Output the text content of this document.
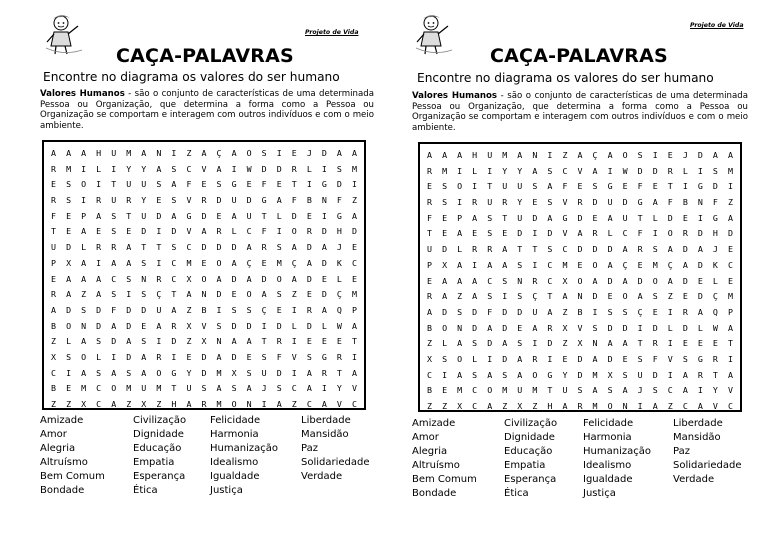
Projeto de Vida
CAÇA-PALAVRAS
Encontre no diagrama os valores do ser humano
Valores Humanos - são o conjunto de características de uma determinada Pessoa ou Organização, que determina a forma como a Pessoa ou Organização se comportam e interagem com outros indivíduos e com o meio ambiente.
A	A	A	H	U	M	A	N	I	Z	A	Ç	A	O	S	I	E	J	D	A	A
R	M	I	L	I	Y	Y	A	S	C	V	A	I	W	D	D	R	L	I	S	M
E	S	O	I	T	U	U	S	A	F	E	S	G	E	F	E	T	I	G	D	I
R	S	I	R	U	R	Y	E	S	V	R	D	U	D	G	A	F	B	N	F	Z
F	E	P	A	S	T	U	D	A	G	D	E	A	U	T	L	D	E	I	G	A
T	E	A	E	S	E	D	I	D	V	A	R	L	C	F	I	O	R	D	H	D
U	D	L	R	R	A	T	T	S	C	D	D	D	A	R	S	A	D	A	J	E
P	X	A	I	A	A	S	I	C	M	E	O	A	Ç	E	M	Ç	A	D	K	C
E	A	A	A	C	S	N	R	C	X	O	A	D	A	D	O	A	D	E	L	E
R	A	Z	A	S	I	S	Ç	T	A	N	D	E	O	A	S	Z	E	D	Ç	M
A	D	S	D	F	D	D	U	A	Z	B	I	S	S	Ç	E	I	R	A	Q	P
B	O	N	D	A	D	E	A	R	X	V	S	D	D	I	D	L	D	L	W	A
Z	L	A	S	D	A	S	I	D	Z	X	N	A	A	T	R	I	E	E	E	T
X	S	O	L	I	D	A	R	I	E	D	A	D	E	S	F	V	S	G	R	I
C	I	A	S	A	S	A	O	G	Y	D	M	X	S	U	D	I	A	R	T	A
B	E	M	C	O	M	U	M	T	U	S	A	S	A	J	S	C	A	I	Y	V
Z	Z	X	C	A	Z	X	Z	H	A	R	M	O	N	I	A	Z	C	A	V	C
Amizade
Amor
Alegria
Altruísmo
Bem Comum
Bondade
Civilização
Dignidade
Educação
Empatia
Esperança
Ética
Felicidade
Harmonia
Humanização
Idealismo
Igualdade
Justiça
Liberdade
Mansidão
Paz
Solidariedade
Verdade
Projeto de Vida
CAÇA-PALAVRAS
Encontre no diagrama os valores do ser humano
Valores Humanos - são o conjunto de características de uma determinada Pessoa ou Organização, que determina a forma como a Pessoa ou Organização se comportam e interagem com outros indivíduos e com o meio ambiente.
A	A	A	H	U	M	A	N	I	Z	A	Ç	A	O	S	I	E	J	D	A	A
R	M	I	L	I	Y	Y	A	S	C	V	A	I	W	D	D	R	L	I	S	M
E	S	O	I	T	U	U	S	A	F	E	S	G	E	F	E	T	I	G	D	I
R	S	I	R	U	R	Y	E	S	V	R	D	U	D	G	A	F	B	N	F	Z
F	E	P	A	S	T	U	D	A	G	D	E	A	U	T	L	D	E	I	G	A
T	E	A	E	S	E	D	I	D	V	A	R	L	C	F	I	O	R	D	H	D
U	D	L	R	R	A	T	T	S	C	D	D	D	A	R	S	A	D	A	J	E
P	X	A	I	A	A	S	I	C	M	E	O	A	Ç	E	M	Ç	A	D	K	C
E	A	A	A	C	S	N	R	C	X	O	A	D	A	D	O	A	D	E	L	E
R	A	Z	A	S	I	S	Ç	T	A	N	D	E	O	A	S	Z	E	D	Ç	M
A	D	S	D	F	D	D	U	A	Z	B	I	S	S	Ç	E	I	R	A	Q	P
B	O	N	D	A	D	E	A	R	X	V	S	D	D	I	D	L	D	L	W	A
Z	L	A	S	D	A	S	I	D	Z	X	N	A	A	T	R	I	E	E	E	T
X	S	O	L	I	D	A	R	I	E	D	A	D	E	S	F	V	S	G	R	I
C	I	A	S	A	S	A	O	G	Y	D	M	X	S	U	D	I	A	R	T	A
B	E	M	C	O	M	U	M	T	U	S	A	S	A	J	S	C	A	I	Y	V
Z	Z	X	C	A	Z	X	Z	H	A	R	M	O	N	I	A	Z	C	A	V	C
Amizade
Amor
Alegria
Altruísmo
Bem Comum
Bondade
Civilização
Dignidade
Educação
Empatia
Esperança
Ética
Felicidade
Harmonia
Humanização
Idealismo
Igualdade
Justiça
Liberdade
Mansidão
Paz
Solidariedade
Verdade
